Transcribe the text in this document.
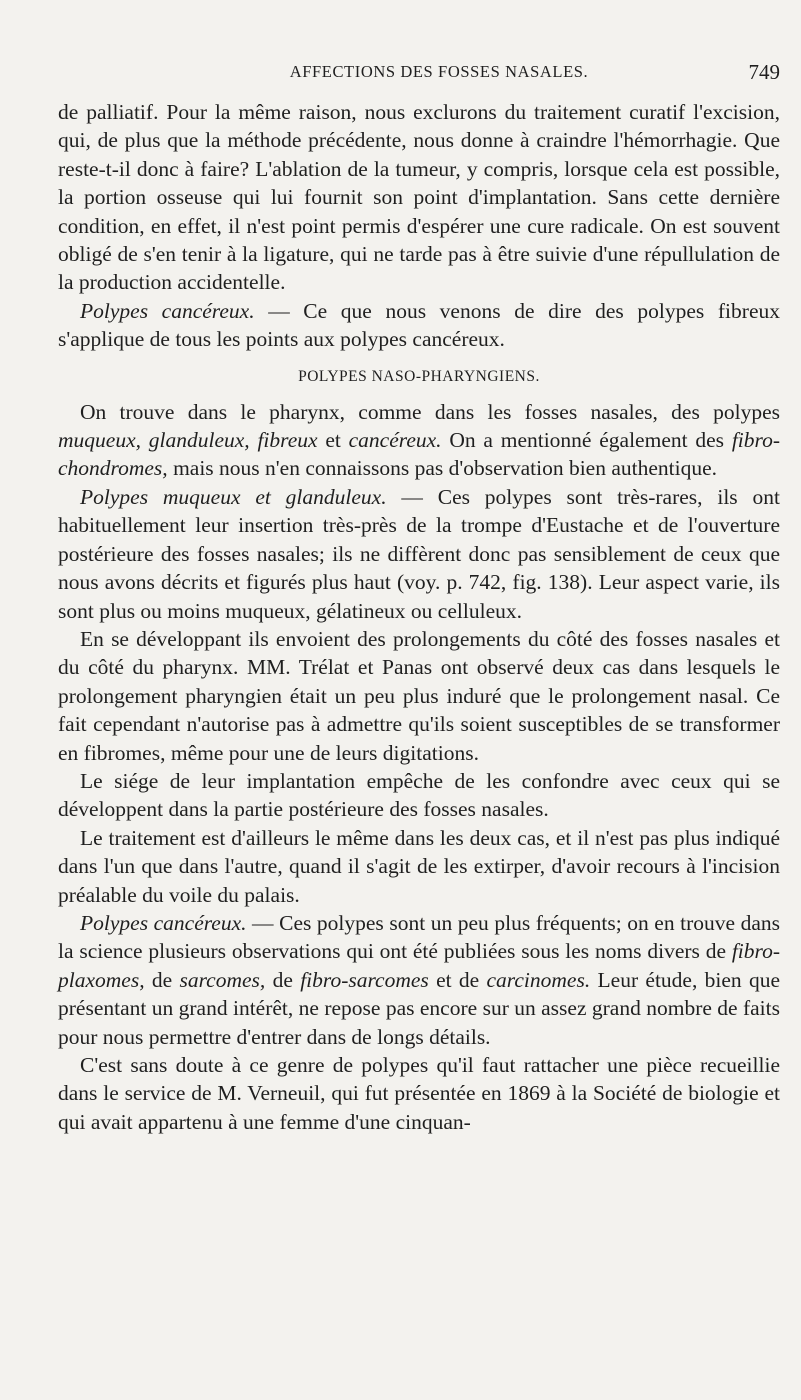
AFFECTIONS DES FOSSES NASALES.	749

de palliatif. Pour la même raison, nous exclurons du traitement curatif l'excision, qui, de plus que la méthode précédente, nous donne à craindre l'hémorrhagie. Que reste-t-il donc à faire? L'ablation de la tumeur, y compris, lorsque cela est possible, la portion osseuse qui lui fournit son point d'implantation. Sans cette dernière condition, en effet, il n'est point permis d'espérer une cure radicale. On est souvent obligé de s'en tenir à la ligature, qui ne tarde pas à être suivie d'une répullulation de la production accidentelle.

Polypes cancéreux. — Ce que nous venons de dire des polypes fibreux s'applique de tous les points aux polypes cancéreux.

POLYPES NASO-PHARYNGIENS.

On trouve dans le pharynx, comme dans les fosses nasales, des polypes muqueux, glanduleux, fibreux et cancéreux. On a mentionné également des fibro-chondromes, mais nous n'en connaissons pas d'observation bien authentique.

Polypes muqueux et glanduleux. — Ces polypes sont très-rares, ils ont habituellement leur insertion très-près de la trompe d'Eustache et de l'ouverture postérieure des fosses nasales; ils ne diffèrent donc pas sensiblement de ceux que nous avons décrits et figurés plus haut (voy. p. 742, fig. 138). Leur aspect varie, ils sont plus ou moins muqueux, gélatineux ou celluleux.

En se développant ils envoient des prolongements du côté des fosses nasales et du côté du pharynx. MM. Trélat et Panas ont observé deux cas dans lesquels le prolongement pharyngien était un peu plus induré que le prolongement nasal. Ce fait cependant n'autorise pas à admettre qu'ils soient susceptibles de se transformer en fibromes, même pour une de leurs digitations.

Le siége de leur implantation empêche de les confondre avec ceux qui se développent dans la partie postérieure des fosses nasales.

Le traitement est d'ailleurs le même dans les deux cas, et il n'est pas plus indiqué dans l'un que dans l'autre, quand il s'agit de les extirper, d'avoir recours à l'incision préalable du voile du palais.

Polypes cancéreux. — Ces polypes sont un peu plus fréquents; on en trouve dans la science plusieurs observations qui ont été publiées sous les noms divers de fibro-plaxomes, de sarcomes, de fibro-sarcomes et de carcinomes. Leur étude, bien que présentant un grand intérêt, ne repose pas encore sur un assez grand nombre de faits pour nous permettre d'entrer dans de longs détails.

C'est sans doute à ce genre de polypes qu'il faut rattacher une pièce recueillie dans le service de M. Verneuil, qui fut présentée en 1869 à la Société de biologie et qui avait appartenu à une femme d'une cinquan-
